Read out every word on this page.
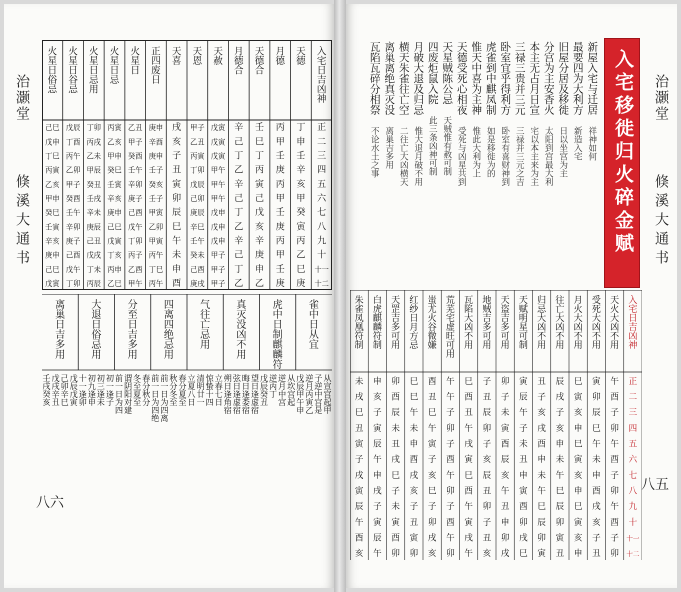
治灏堂
倏溪大通书
八六
入
宅
日
吉
凶
神
正
二
三
四
五
六
七
八
九
十
十一
十二
天
德
丁
申
壬
辛
亥
甲
癸
寅
丙
乙
巳
庚
月
德
丙
甲
壬
庚
丙
甲
壬
庚
丙
甲
壬
庚
天
德
合
壬
巳
丁
丙
寅
己
戊
亥
辛
庚
申
乙
月
德
合
辛
己
丁
乙
辛
己
丁
乙
辛
己
丁
乙
天
赦
戊寅
戊寅
戊寅
甲午
甲午
甲午
戊申
戊申
戊申
甲子
甲子
甲子
天
恩
甲子
乙丑
丙寅
丁卯
戊辰
己卯
庚辰
辛巳
壬午
癸未
己酉
庚戌
天
喜
戌
亥
子
丑
寅
卯
辰
巳
午
未
申
酉
正
四
废
日
庚申
辛酉
庚申
壬子
癸亥
壬子
甲寅
乙卯
甲寅
丙午
丁巳
丙午
火
星
日
乙丑
甲子
癸酉
壬午
辛卯
庚子
己酉
戊午
丁卯
丙子
乙酉
甲午
火
星
日
忌
丙寅
乙亥
甲申
癸巳
壬寅
辛亥
庚申
己巳
戊寅
丁亥
丙申
乙巳
火
星
日
忌
用
丁卯
丙戌
乙未
甲辰
癸丑
壬戌
辛未
庚辰
己丑
戊戌
丁未
丙辰
火
星
日
谷
忌
戊辰
丁酉
丙午
乙卯
甲子
癸酉
壬午
辛卯
庚子
己酉
戊午
丁卯
火
星
日
俗
忌
己巳
戊申
丁巳
丙寅
乙亥
甲申
癸巳
壬寅
辛亥
庚申
己巳
戊寅
雀
中
日
从
宜
从
宣
宫
起
甲
子
逆
中
宫
是
逆
月
丙
寅
乙
戊
辰
甲
午
申
虎
中
日
制
麒
麟
符
从
坎
宫
起
逆
月
中
宫
逆
丙
丁
戊
辰
癸
丑
真
灭
没
凶
不
用
望
日
逢
虚
宿
晦
日
逢
娄
宿
弦
日
逢
虚
宿
朔
日
逢
角
宿
气
往
亡
忌
用
立
春
七
日
惊
蛰
十
四
清
明
廿
一
立
夏
八
日
四
离
四
绝
忌
用
春
分
夏
至
秋
分
冬
至
前
一
日
为
四
离
前
一
日
为
四
绝
分
至
日
吉
多
用
春
分
秋
分
冬
至
夏
至
谓
阴
阳
对
建
前
一
日
为
四
大
退
日
俗
忌
用
初
一
逢
子
初
三
逢
未
初
九
逢
申
十
一
逢
卯
离
巢
日
吉
多
用
戊
辰
戊
寅
己
卯
辛
巳
戊
戌
辛
丑
壬
戌
癸
亥
治灏堂
倏溪大通书
八五
入宅移徙归火碎金赋
新
屋
入
宅
与
迁
居
祥
神
如
何
最
要
四
为
大
利
方
新
造
入
宅
旧
屋
分
居
及
移
徙
日
以
坐
宫
为
主
分
宫
为
主
安
香
火
太
阳
到
宫
最
大
利
本
主
无
占
月
日
宣
宅
以
本
主
来
为
主
三
禄
三
贵
并
三
元
三
禄
并
三
元
之
吉
卧
室
宜
乎
得
利
方
卧
室
有
喜
财
神
到
虎
雀
到
中
麒
凤
制
如
是
移
徙
为
的
惟
天
中
喜
为
主
神
惟
此
大
利
为
上
天
德
受
死
心
相
夜
受
死
与
凶
星
共
到
天
星
贼
陈
公
忌
天
贼
惟
有
赦
可
制
四
废
炬
鼠
入
院
此
三
条
凶
神
可
制
月
破
大
退
及
归
忌
惟
大
退
月
破
不
用
横
天
朱
雀
往
亡
空
二
往
亡
大
凶
横
天
离
巢
离
绝
真
灭
没
离
巢
吉
多
用
瓦
陷
瓦
碎
分
相
祭
不
论
水
土
之
事
入
宅
日
吉
凶
神
天
火
大
凶
不
用
受
死
大
凶
不
用
月
火
大
凶
不
用
往
亡
大
凶
不
用
归
忌
大
凶
不
用
天
赋
明
星
可
制
天
盗
吉
多
可
用
地
贼
吉
多
可
用
瓦
陷
大
凶
不
用
荒
芜
宅
虚
旺
可
用
蚩
尤
火
谷
微
嫌
红
纱
日
月
方
忌
天
罡
吉
多
可
用
白
虎
麒
麟
符
制
朱
雀
凤
凰
符
制
正
午
寅
巳
辰
丑
寅
卯
子
巳
午
酉
巳
卯
申
未
二
酉
卯
寅
戌
子
辰
子
丑
酉
午
丑
巳
酉
亥
戌
三
子
辰
亥
子
亥
午
未
辰
丑
子
巳
午
辰
子
巳
四
卯
巳
申
亥
戌
子
寅
卯
午
卯
午
未
未
寅
丑
五
午
午
巳
申
酉
未
酉
子
戌
子
寅
申
丑
辰
寅
六
酉
未
寅
未
申
丑
辰
亥
寅
酉
子
酉
戌
午
子
七
子
申
亥
午
未
申
亥
辰
巳
午
亥
戌
巳
申
戌
八
卯
酉
申
巳
午
寅
午
丑
酉
卯
巳
亥
子
戌
寅
九
午
戌
巳
辰
巳
酉
丑
卯
午
子
子
子
未
子
辰
十
酉
亥
寅
卯
辰
卯
申
子
寅
酉
卯
丑
寅
寅
午
十一
子
子
亥
寅
卯
戌
卯
丑
戌
午
戌
寅
酉
辰
酉
十二
卯
丑
申
丑
寅
巳
戌
亥
午
卯
亥
卯
卯
午
亥
